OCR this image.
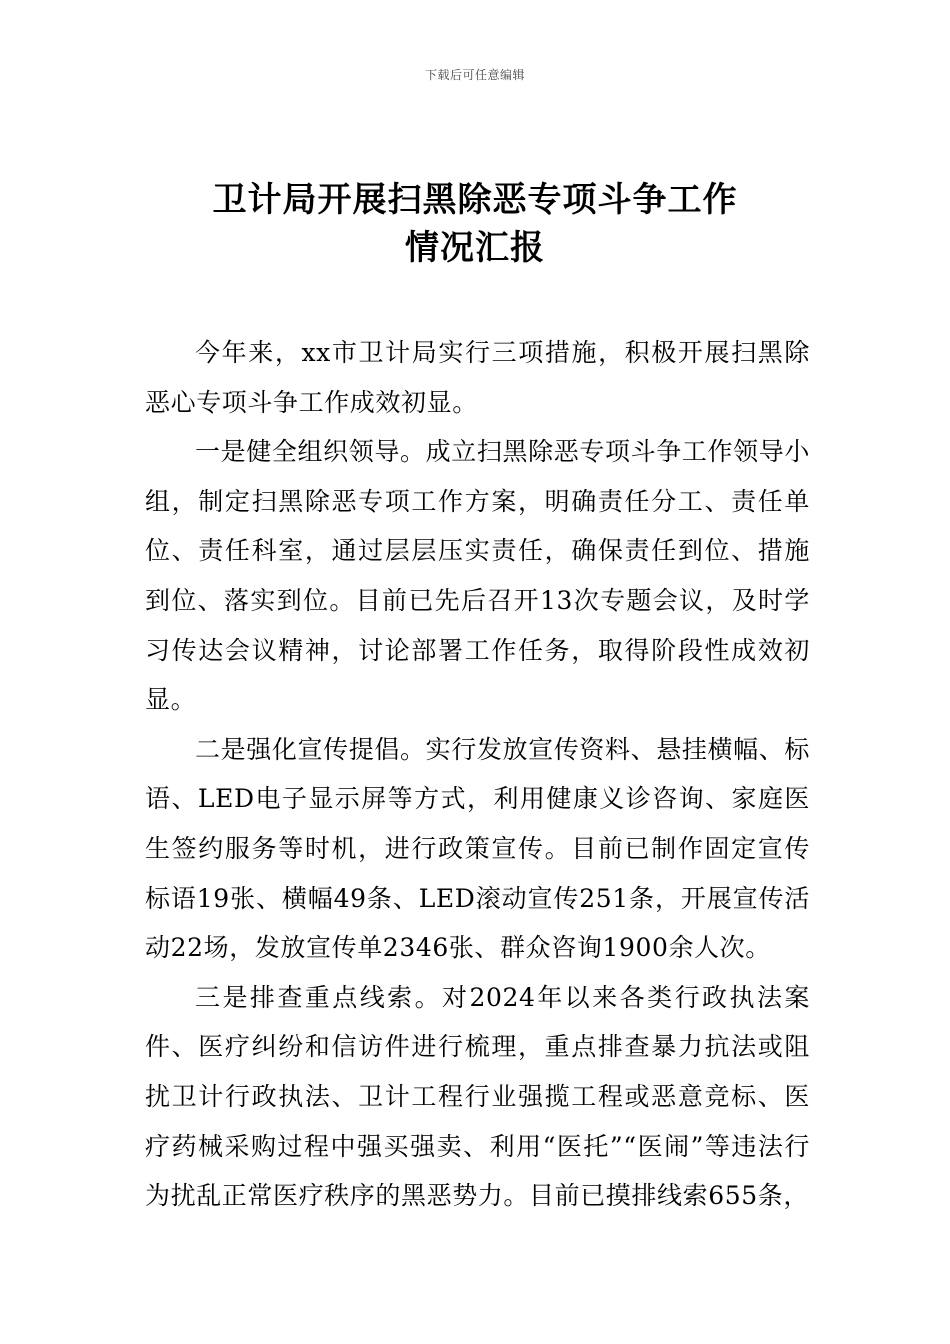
下载后可任意编辑
卫计局开展扫黑除恶专项斗争工作
情况汇报

今年来，xx市卫计局实行三项措施，积极开展扫黑除恶心专项斗争工作成效初显。

一是健全组织领导。成立扫黑除恶专项斗争工作领导小组，制定扫黑除恶专项工作方案，明确责任分工、责任单位、责任科室，通过层层压实责任，确保责任到位、措施到位、落实到位。目前已先后召开13次专题会议，及时学习传达会议精神，讨论部署工作任务，取得阶段性成效初显。

二是强化宣传提倡。实行发放宣传资料、悬挂横幅、标语、LED电子显示屏等方式，利用健康义诊咨询、家庭医生签约服务等时机，进行政策宣传。目前已制作固定宣传标语19张、横幅49条、LED滚动宣传251条，开展宣传活动22场，发放宣传单2346张、群众咨询1900余人次。

三是排查重点线索。对2024年以来各类行政执法案件、医疗纠纷和信访件进行梳理，重点排查暴力抗法或阻扰卫计行政执法、卫计工程行业强揽工程或恶意竞标、医疗药械采购过程中强买强卖、利用“医托”“医闹”等违法行为扰乱正常医疗秩序的黑恶势力。目前已摸排线索655条，
